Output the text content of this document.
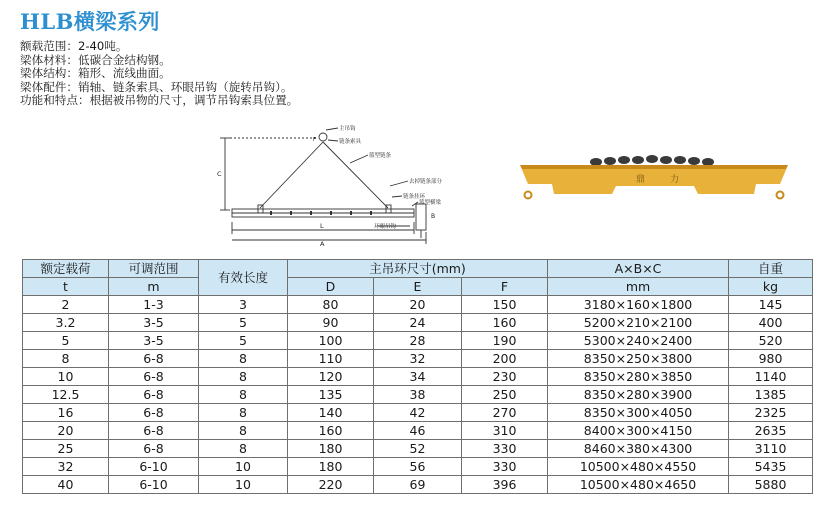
HLB横梁系列
额载范围：2-40吨。
梁体材料：低碳合金结构钢。
梁体结构：箱形、流线曲面。
梁体配件：销轴、链条索具、环眼吊钩（旋转吊钩）。
功能和特点：根据被吊物的尺寸，调节吊钩索具位置。
主吊钩
链条索具
篮型链条
去掉链条部分
链条挂环
篮型横梁
环眼吊钩
C
L
A
B
F
鼎	力
额定载荷	可调范围	有效长度	主吊环尺寸(mm)			A×B×C	自重
t	m		D	E	F	mm	kg
2	1-3	3	80	20	150	3180×160×1800	145
3.2	3-5	5	90	24	160	5200×210×2100	400
5	3-5	5	100	28	190	5300×240×2400	520
8	6-8	8	110	32	200	8350×250×3800	980
10	6-8	8	120	34	230	8350×280×3850	1140
12.5	6-8	8	135	38	250	8350×280×3900	1385
16	6-8	8	140	42	270	8350×300×4050	2325
20	6-8	8	160	46	310	8400×300×4150	2635
25	6-8	8	180	52	330	8460×380×4300	3110
32	6-10	10	180	56	330	10500×480×4550	5435
40	6-10	10	220	69	396	10500×480×4650	5880
